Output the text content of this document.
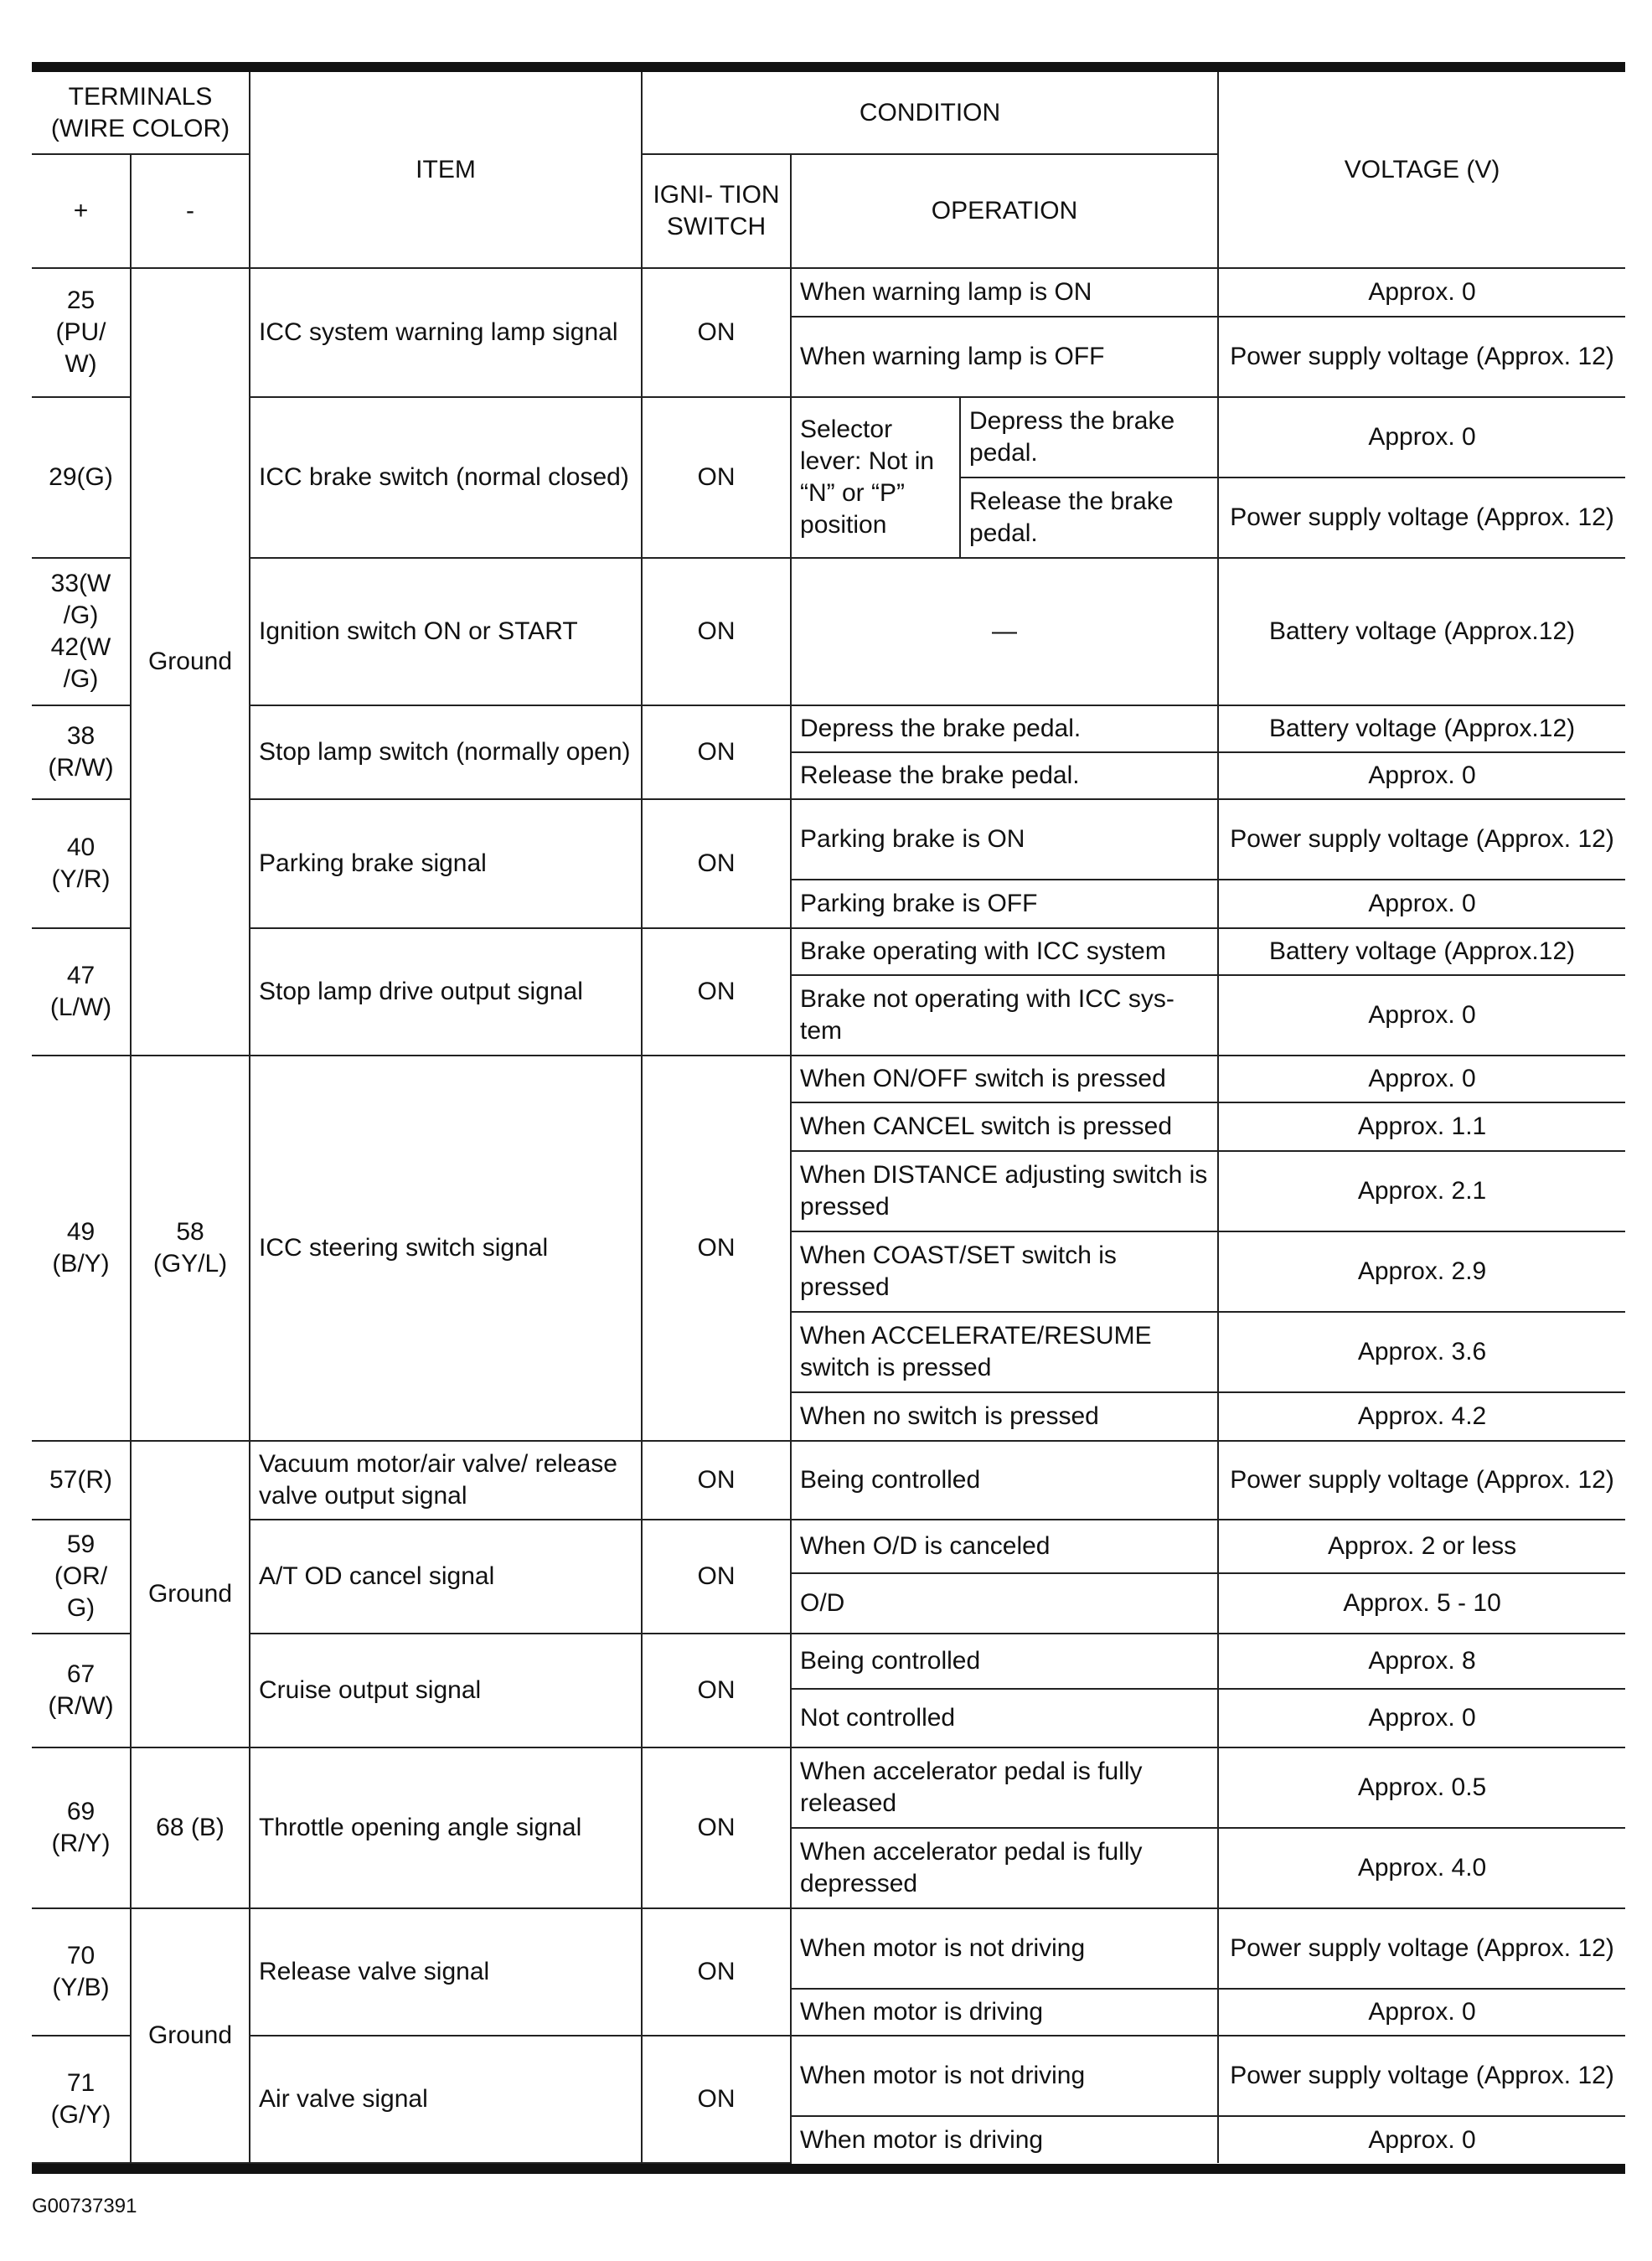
TERMINALS (WIRE COLOR)		ITEM	CONDITION			VOLTAGE (V)
+	-		IGNI- TION SWITCH	OPERATION		
25 (PU/ W)	Ground	ICC system warning lamp signal	ON	When warning lamp is ON		Approx. 0
				When warning lamp is OFF		Power supply voltage (Approx. 12)
29(G)		ICC brake switch (normal closed)	ON	Selector lever: Not in “N” or “P” position	Depress the brake pedal.	Approx. 0
					Release the brake pedal.	Power supply voltage (Approx. 12)
33(W /G) 42(W /G)		Ignition switch ON or START	ON	—		Battery voltage (Approx.12)
38 (R/W)		Stop lamp switch (normally open)	ON	Depress the brake pedal.		Battery voltage (Approx.12)
				Release the brake pedal.		Approx. 0
40 (Y/R)		Parking brake signal	ON	Parking brake is ON		Power supply voltage (Approx. 12)
				Parking brake is OFF		Approx. 0
47 (L/W)		Stop lamp drive output signal	ON	Brake operating with ICC system		Battery voltage (Approx.12)
				Brake not operating with ICC sys- tem		Approx. 0
49 (B/Y)	58 (GY/L)	ICC steering switch signal	ON	When ON/OFF switch is pressed		Approx. 0
				When CANCEL switch is pressed		Approx. 1.1
				When DISTANCE adjusting switch is pressed		Approx. 2.1
				When COAST/SET switch is pressed		Approx. 2.9
				When ACCELERATE/RESUME switch is pressed		Approx. 3.6
				When no switch is pressed		Approx. 4.2
57(R)	Ground	Vacuum motor/air valve/ release valve output signal	ON	Being controlled		Power supply voltage (Approx. 12)
59 (OR/ G)		A/T OD cancel signal	ON	When O/D is canceled		Approx. 2 or less
				O/D		Approx. 5 - 10
67 (R/W)		Cruise output signal	ON	Being controlled		Approx. 8
				Not controlled		Approx. 0
69 (R/Y)	68 (B)	Throttle opening angle signal	ON	When accelerator pedal is fully released		Approx. 0.5
				When accelerator pedal is fully depressed		Approx. 4.0
70 (Y/B)	Ground	Release valve signal	ON	When motor is not driving		Power supply voltage (Approx. 12)
				When motor is driving		Approx. 0
71 (G/Y)		Air valve signal	ON	When motor is not driving		Power supply voltage (Approx. 12)
				When motor is driving		Approx. 0
G00737391
